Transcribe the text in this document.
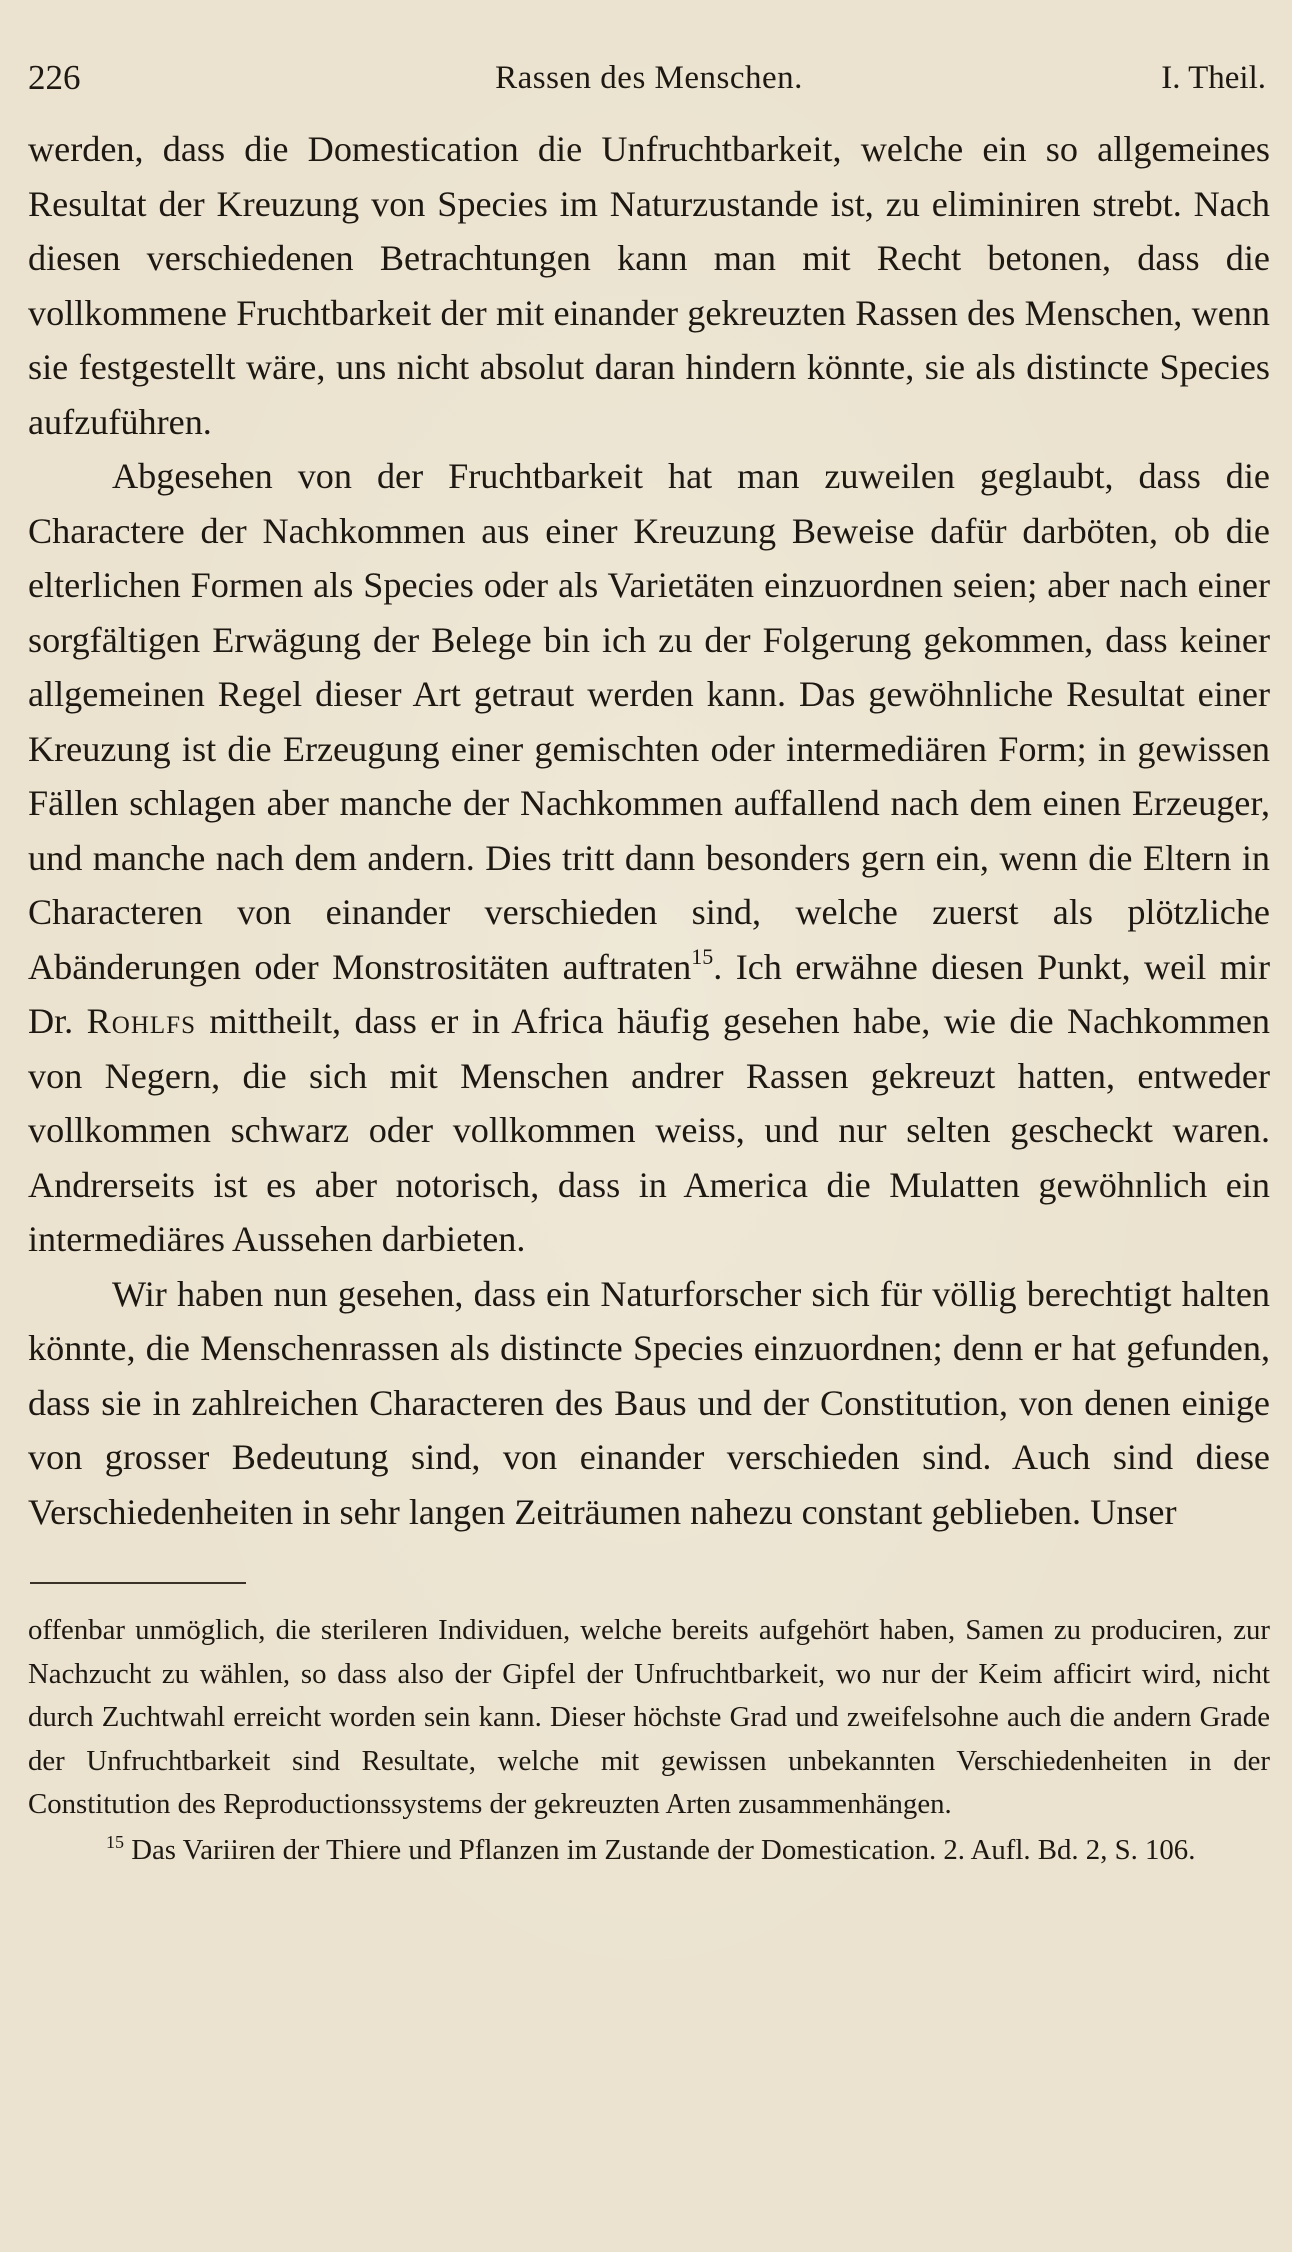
226	Rassen des Menschen.	I. Theil.

werden, dass die Domestication die Unfruchtbarkeit, welche ein so allgemeines Resultat der Kreuzung von Species im Naturzustande ist, zu eliminiren strebt. Nach diesen verschiedenen Betrachtungen kann man mit Recht betonen, dass die vollkommene Fruchtbarkeit der mit einander gekreuzten Rassen des Menschen, wenn sie festgestellt wäre, uns nicht absolut daran hindern könnte, sie als distincte Species aufzuführen.

Abgesehen von der Fruchtbarkeit hat man zuweilen geglaubt, dass die Charactere der Nachkommen aus einer Kreuzung Beweise dafür darböten, ob die elterlichen Formen als Species oder als Varietäten einzuordnen seien; aber nach einer sorgfältigen Erwägung der Belege bin ich zu der Folgerung gekommen, dass keiner allgemeinen Regel dieser Art getraut werden kann. Das gewöhnliche Resultat einer Kreuzung ist die Erzeugung einer gemischten oder intermediären Form; in gewissen Fällen schlagen aber manche der Nachkommen auffallend nach dem einen Erzeuger, und manche nach dem andern. Dies tritt dann besonders gern ein, wenn die Eltern in Characteren von einander verschieden sind, welche zuerst als plötzliche Abänderungen oder Monstrositäten auftraten$^{15}$. Ich erwähne diesen Punkt, weil mir Dr. Rohlfs mittheilt, dass er in Africa häufig gesehen habe, wie die Nachkommen von Negern, die sich mit Menschen andrer Rassen gekreuzt hatten, entweder vollkommen schwarz oder vollkommen weiss, und nur selten gescheckt waren. Andrerseits ist es aber notorisch, dass in America die Mulatten gewöhnlich ein intermediäres Aussehen darbieten.

Wir haben nun gesehen, dass ein Naturforscher sich für völlig berechtigt halten könnte, die Menschenrassen als distincte Species einzuordnen; denn er hat gefunden, dass sie in zahlreichen Characteren des Baus und der Constitution, von denen einige von grosser Bedeutung sind, von einander verschieden sind. Auch sind diese Verschiedenheiten in sehr langen Zeiträumen nahezu constant geblieben. Unser

offenbar unmöglich, die sterileren Individuen, welche bereits aufgehört haben, Samen zu produciren, zur Nachzucht zu wählen, so dass also der Gipfel der Unfruchtbarkeit, wo nur der Keim afficirt wird, nicht durch Zuchtwahl erreicht worden sein kann. Dieser höchste Grad und zweifelsohne auch die andern Grade der Unfruchtbarkeit sind Resultate, welche mit gewissen unbekannten Verschiedenheiten in der Constitution des Reproductionssystems der gekreuzten Arten zusammenhängen.

$^{15}$ Das Variiren der Thiere und Pflanzen im Zustande der Domestication. 2. Aufl. Bd. 2, S. 106.
